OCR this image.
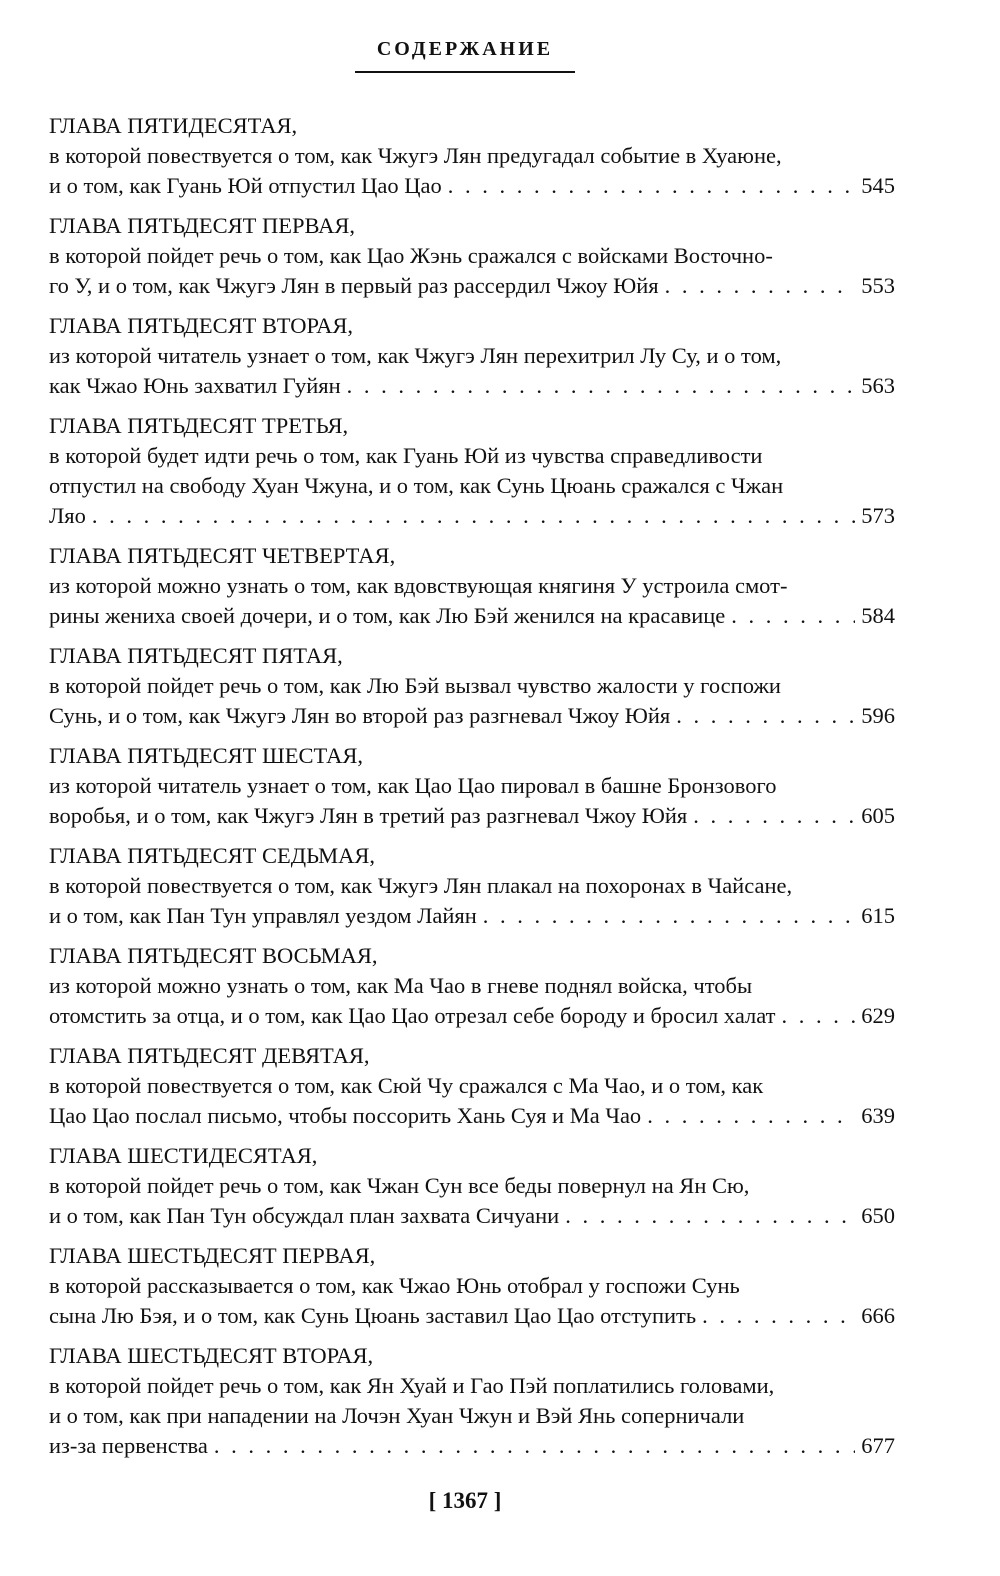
СОДЕРЖАНИЕ
ГЛАВА ПЯТИДЕСЯТАЯ,
в которой повествуется о том, как Чжугэ Лян предугадал событие в Хуаюне,
и о том, как Гуань Юй отпустил Цао Цао . . .	545
ГЛАВА ПЯТЬДЕСЯТ ПЕРВАЯ,
в которой пойдет речь о том, как Цао Жэнь сражался с войсками Восточно-
го У, и о том, как Чжугэ Лян в первый раз рассердил Чжоу Юйя . . .	553
ГЛАВА ПЯТЬДЕСЯТ ВТОРАЯ,
из которой читатель узнает о том, как Чжугэ Лян перехитрил Лу Су, и о том,
как Чжао Юнь захватил Гуйян . . .	563
ГЛАВА ПЯТЬДЕСЯТ ТРЕТЬЯ,
в которой будет идти речь о том, как Гуань Юй из чувства справедливости
отпустил на свободу Хуан Чжуна, и о том, как Сунь Цюань сражался с Чжан
Ляо . . .	573
ГЛАВА ПЯТЬДЕСЯТ ЧЕТВЕРТАЯ,
из которой можно узнать о том, как вдовствующая княгиня У устроила смот-
рины жениха своей дочери, и о том, как Лю Бэй женился на красавице . . .	584
ГЛАВА ПЯТЬДЕСЯТ ПЯТАЯ,
в которой пойдет речь о том, как Лю Бэй вызвал чувство жалости у госпожи
Сунь, и о том, как Чжугэ Лян во второй раз разгневал Чжоу Юйя . . .	596
ГЛАВА ПЯТЬДЕСЯТ ШЕСТАЯ,
из которой читатель узнает о том, как Цао Цао пировал в башне Бронзового
воробья, и о том, как Чжугэ Лян в третий раз разгневал Чжоу Юйя . . .	605
ГЛАВА ПЯТЬДЕСЯТ СЕДЬМАЯ,
в которой повествуется о том, как Чжугэ Лян плакал на похоронах в Чайсане,
и о том, как Пан Тун управлял уездом Лайян . . .	615
ГЛАВА ПЯТЬДЕСЯТ ВОСЬМАЯ,
из которой можно узнать о том, как Ма Чао в гневе поднял войска, чтобы
отомстить за отца, и о том, как Цао Цао отрезал себе бороду и бросил халат . . .	629
ГЛАВА ПЯТЬДЕСЯТ ДЕВЯТАЯ,
в которой повествуется о том, как Сюй Чу сражался с Ма Чао, и о том, как
Цао Цао послал письмо, чтобы поссорить Хань Суя и Ма Чао . . .	639
ГЛАВА ШЕСТИДЕСЯТАЯ,
в которой пойдет речь о том, как Чжан Сун все беды повернул на Ян Сю,
и о том, как Пан Тун обсуждал план захвата Сичуани . . .	650
ГЛАВА ШЕСТЬДЕСЯТ ПЕРВАЯ,
в которой рассказывается о том, как Чжао Юнь отобрал у госпожи Сунь
сына Лю Бэя, и о том, как Сунь Цюань заставил Цао Цао отступить . . .	666
ГЛАВА ШЕСТЬДЕСЯТ ВТОРАЯ,
в которой пойдет речь о том, как Ян Хуай и Гао Пэй поплатились головами,
и о том, как при нападении на Лочэн Хуан Чжун и Вэй Янь соперничали
из-за первенства . . .	677
[ 1367 ]
